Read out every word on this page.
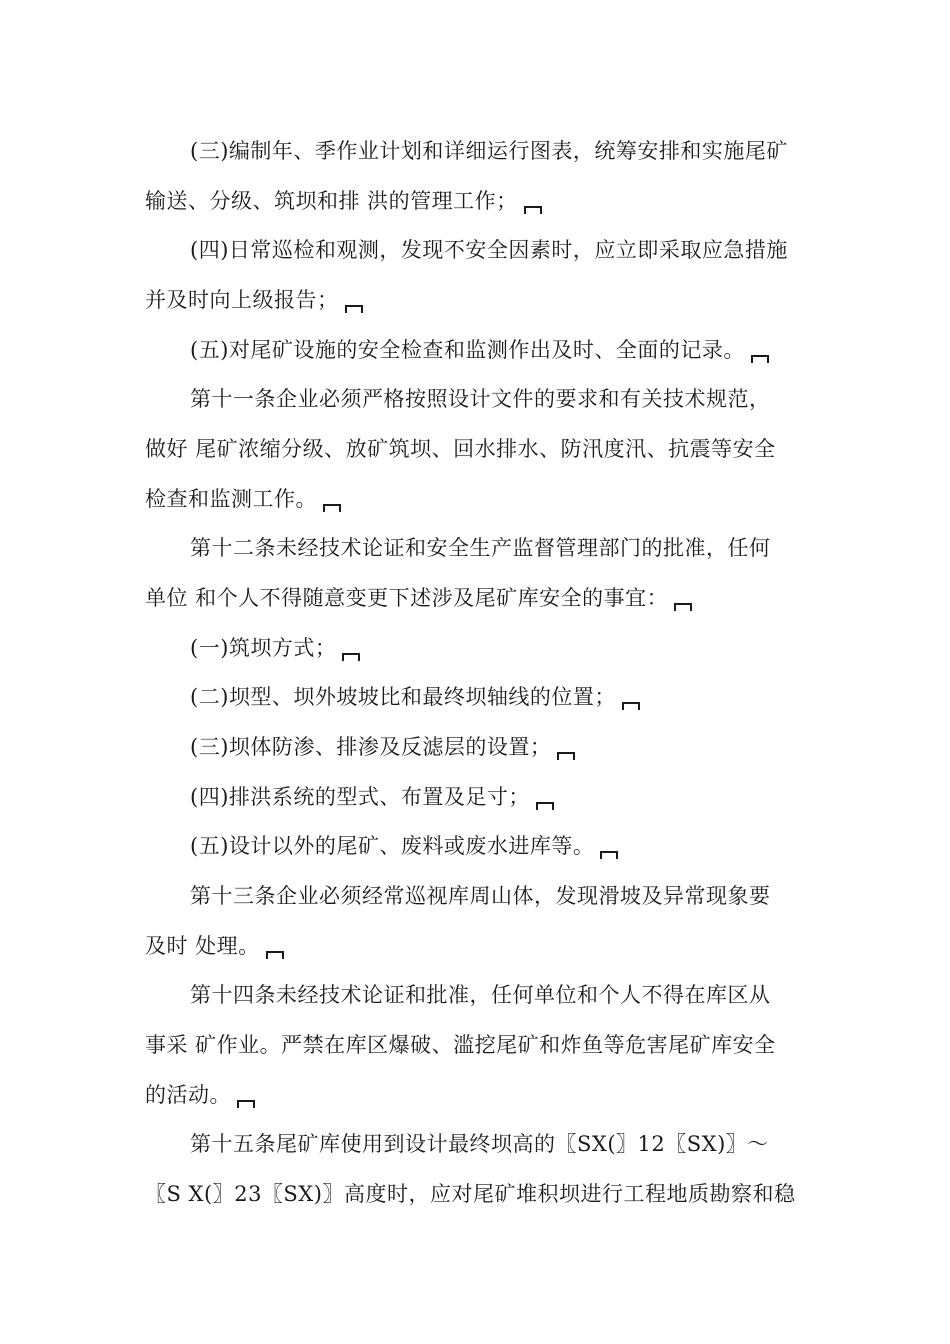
(三)编制年、季作业计划和详细运行图表，统筹安排和实施尾矿
输送、分级、筑坝和排 洪的管理工作；
(四)日常巡检和观测，发现不安全因素时，应立即采取应急措施
并及时向上级报告；
(五)对尾矿设施的安全检查和监测作出及时、全面的记录。
第十一条企业必须严格按照设计文件的要求和有关技术规范，
做好 尾矿浓缩分级、放矿筑坝、回水排水、防汛度汛、抗震等安全
检查和监测工作。
第十二条未经技术论证和安全生产监督管理部门的批准，任何
单位 和个人不得随意变更下述涉及尾矿库安全的事宜：
(一)筑坝方式；
(二)坝型、坝外坡坡比和最终坝轴线的位置；
(三)坝体防渗、排渗及反滤层的设置；
(四)排洪系统的型式、布置及足寸；
(五)设计以外的尾矿、废料或废水进库等。
第十三条企业必须经常巡视库周山体，发现滑坡及异常现象要
及时 处理。
第十四条未经技术论证和批准，任何单位和个人不得在库区从
事采 矿作业。严禁在库区爆破、滥挖尾矿和炸鱼等危害尾矿库安全
的活动。
第十五条尾矿库使用到设计最终坝高的〖SX(〗12〖SX)〗～
〖S X(〗23〖SX)〗高度时，应对尾矿堆积坝进行工程地质勘察和稳
